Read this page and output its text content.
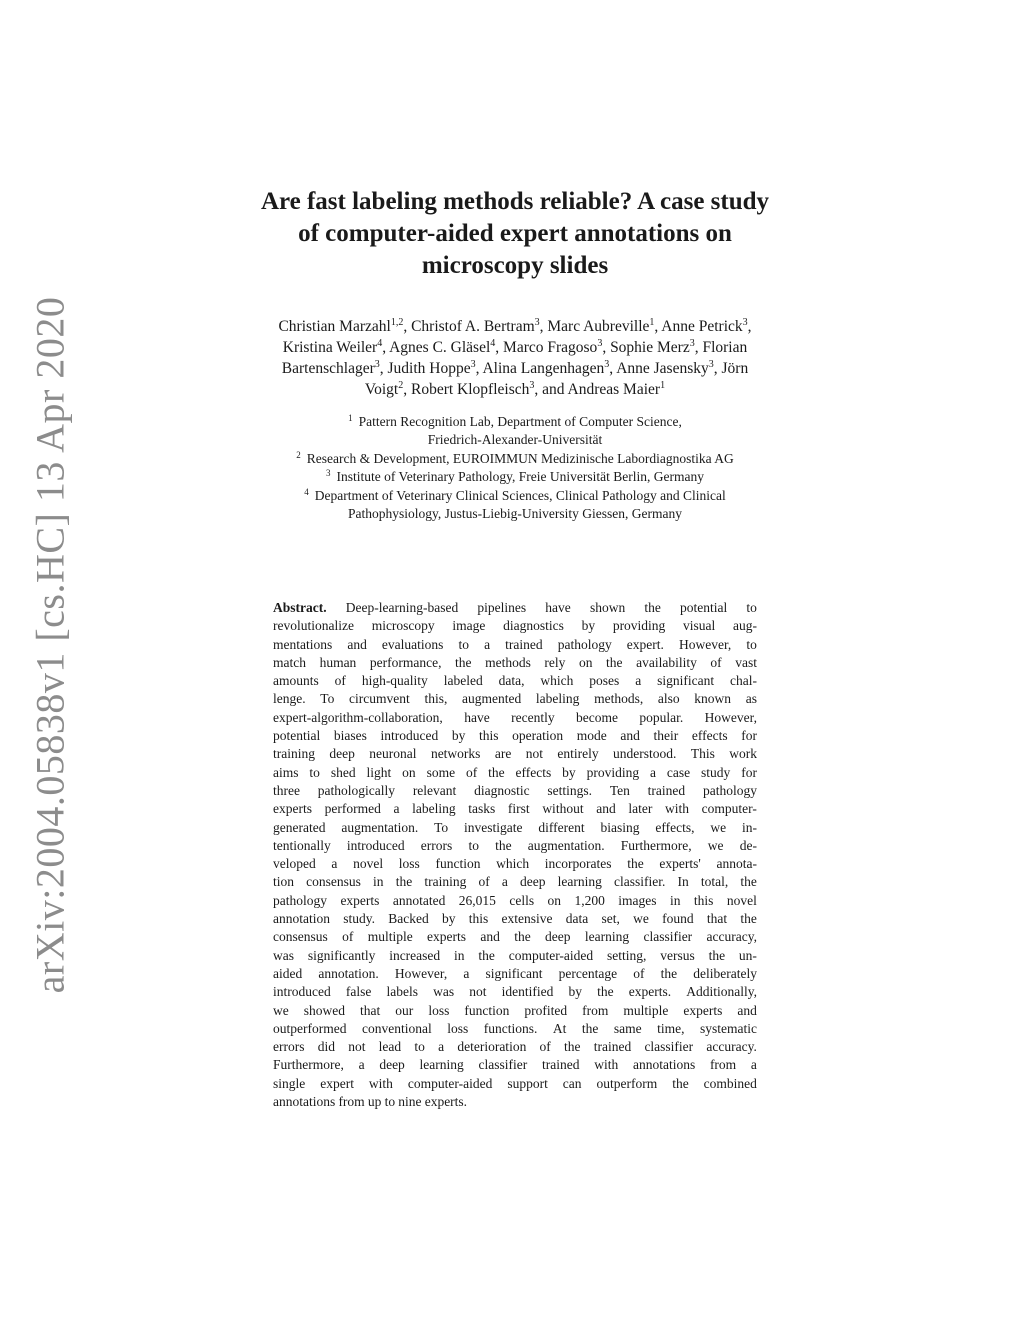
arXiv:2004.05838v1 [cs.HC] 13 Apr 2020
Are fast labeling methods reliable? A case study
of computer-aided expert annotations on
microscopy slides
Christian Marzahl$^{1,2}$, Christof A. Bertram$^3$, Marc Aubreville$^1$, Anne Petrick$^3$,
Kristina Weiler$^4$, Agnes C. Gläsel$^4$, Marco Fragoso$^3$, Sophie Merz$^3$, Florian
Bartenschlager$^3$, Judith Hoppe$^3$, Alina Langenhagen$^3$, Anne Jasensky$^3$, Jörn
Voigt$^2$, Robert Klopfleisch$^3$, and Andreas Maier$^1$
$^1$ Pattern Recognition Lab, Department of Computer Science,
Friedrich-Alexander-Universität
$^2$ Research & Development, EUROIMMUN Medizinische Labordiagnostika AG
$^3$ Institute of Veterinary Pathology, Freie Universität Berlin, Germany
$^4$ Department of Veterinary Clinical Sciences, Clinical Pathology and Clinical
Pathophysiology, Justus-Liebig-University Giessen, Germany
Abstract. Deep-learning-based pipelines have shown the potential to
revolutionalize microscopy image diagnostics by providing visual aug-
mentations and evaluations to a trained pathology expert. However, to
match human performance, the methods rely on the availability of vast
amounts of high-quality labeled data, which poses a significant chal-
lenge. To circumvent this, augmented labeling methods, also known as
expert-algorithm-collaboration, have recently become popular. However,
potential biases introduced by this operation mode and their effects for
training deep neuronal networks are not entirely understood. This work
aims to shed light on some of the effects by providing a case study for
three pathologically relevant diagnostic settings. Ten trained pathology
experts performed a labeling tasks first without and later with computer-
generated augmentation. To investigate different biasing effects, we in-
tentionally introduced errors to the augmentation. Furthermore, we de-
veloped a novel loss function which incorporates the experts' annota-
tion consensus in the training of a deep learning classifier. In total, the
pathology experts annotated 26,015 cells on 1,200 images in this novel
annotation study. Backed by this extensive data set, we found that the
consensus of multiple experts and the deep learning classifier accuracy,
was significantly increased in the computer-aided setting, versus the un-
aided annotation. However, a significant percentage of the deliberately
introduced false labels was not identified by the experts. Additionally,
we showed that our loss function profited from multiple experts and
outperformed conventional loss functions. At the same time, systematic
errors did not lead to a deterioration of the trained classifier accuracy.
Furthermore, a deep learning classifier trained with annotations from a
single expert with computer-aided support can outperform the combined
annotations from up to nine experts.
